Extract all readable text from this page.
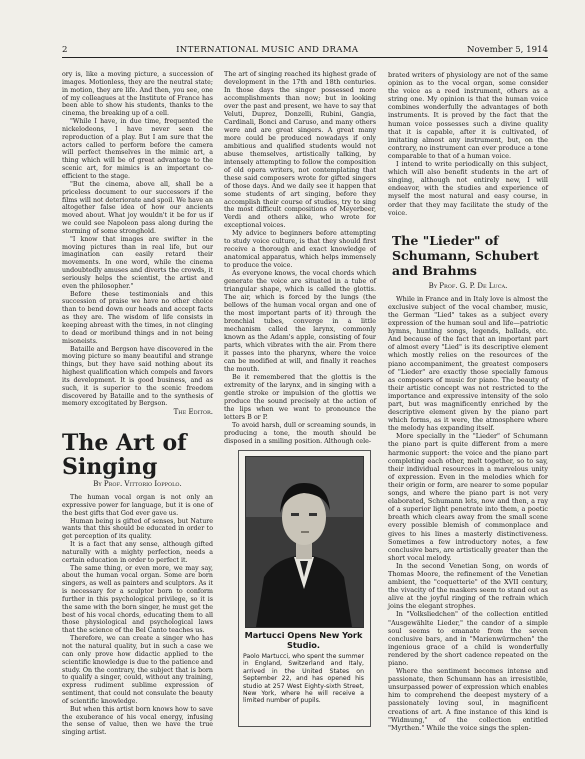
2	INTERNATIONAL MUSIC AND DRAMA	November 5, 1914

ory is, like a moving picture, a succession of images. Motionless, they are the neutral state; in motion, they are life. And then, you see, one of my colleagues at the Institute of France has been able to show his students, thanks to the cinema, the breaking up of a cell.

"While I have, in due time, frequented the nickelodeons, I have never seen the reproduction of a play. But I am sure that the actors called to perform before the camera will perfect themselves in the mimic art, a thing which will be of great advantage to the scenic art, for mimics is an important co-efficient to the stage.

"But the cinema, above all, shall be a priceless document to our successors if the films will not deteriorate and spoil. We have an altogether false idea of how our ancients moved about. What joy wouldn't it be for us if we could see Napoleon pass along during the storming of some stronghold.

"I know that images are swifter in the moving pictures than in real life, but our imagination can easily retard their movements. In one word, while the cinema undoubtedly amuses and diverts the crowds, it seriously helps the scientist, the artist and even the philosopher."

Before these testimonials and this succession of praise we have no other choice than to bend down our heads and accept facts as they are. The wisdom of life consists in keeping abreast with the times, in not clinging to dead or moribund things and in not being misoneists.

Bataille and Bergson have discovered in the moving picture so many beautiful and strange things, but they have said nothing about its highest qualification which compels and favors its development. It is good business, and as such, it is superior to the scenic freedom discovered by Bataille and to the synthesis of memory excogitated by Bergson.

The Editor.

The Art of Singing
By Prof. Vittorio Ioppolo.

The human vocal organ is not only an expressive power for language, but it is one of the best gifts that God ever gave us.

Human being is gifted of senses, but Nature wants that this should be educated in order to get perception of its quality.

It is a fact that any sense, although gifted naturally with a mighty perfection, needs a certain education in order to perfect it.

The same thing, or even more, we may say, about the human vocal organ. Some are born singers, as well as painters and sculptors. As it is necessary for a sculptor born to conform further in this psychological privilege, so it is the same with the born singer, he must get the best of his vocal chords, educating them to all those physiological and psychological laws that the science of the Bel Canto teaches us.

Therefore, we can create a singer who has not the natural quality, but in such a case we can only prove how didactic applied to the scientific knowledge is due to the patience and study. On the contrary, the subject that is born to qualify a singer, could, without any training, express rudiment sublime expression of sentiment, that could not consulate the beauty of scientific knowledge.

But when this artist born knows how to save the exuberance of his vocal energy, infusing the sense of value, then we have the true singing artist.

The art of singing reached its highest grade of development in the 17th and 18th centuries. In those days the singer possessed more accomplishments than now; but in looking over the past and present, we have to say that Veluti, Duprez, Donzelli, Rubini, Gangia, Cardinali, Bonci and Caruso, and many others were and are great singers. A great many more could be produced nowadays if only ambitious and qualified students would not abuse themselves, artistically talking, by intensely attempting to follow the composition of old opera writers, not contemplating that these said composers wrote for gifted singers of those days. And we daily see it happen that some students of art singing, before they accomplish their course of studies, try to sing the most difficult compositions of Meyerbeer, Verdi and others alike, who wrote for exceptional voices.

My advice to beginners before attempting to study voice culture, is that they should first receive a thorough and exact knowledge of anatomical apparatus, which helps immensely to produce the voice.

As everyone knows, the vocal chords which generate the voice are situated in a tube of triangular shape, which is called the glottis. The air, which is forced by the lungs (the bellows of the human vocal organ and one of the most important parts of it) through the bronchial tubes, converge in a little mechanism called the larynx, commonly known as the Adam's apple, consisting of four parts, which vibrates with the air. From there it passes into the pharynx, where the voice can be modified at will, and finally it reaches the mouth.

Be it remembered that the glottis is the extremity of the larynx, and in singing with a gentle stroke or impulsion of the glottis we produce the sound precisely at the action of the lips when we want to pronounce the letters B or P.

To avoid harsh, dull or screaming sounds, in producing a tone, the mouth should be disposed in a smiling position. Although cele-

Martucci Opens New York Studio.
Paolo Martucci, who spent the summer in England, Switzerland and Italy, arrived in the United States on September 22, and has opened his studio at 257 West Eighty-sixth Street, New York, where he will receive a limited number of pupils.

brated writers of physiology are not of the same opinion as to the vocal organ, some consider the voice as a reed instrument, others as a string one. My opinion is that the human voice combines wonderfully the advantages of both instruments. It is proved by the fact that the human voice possesses such a divine quality that it is capable, after it is cultivated, of imitating almost any instrument, but, on the contrary, no instrument can ever produce a tone comparable to that of a human voice.

I intend to write periodically on this subject, which will also benefit students in the art of singing, although not entirely new, I will endeavor, with the studies and experience of myself the most natural and easy course, in order that they may facilitate the study of the voice.

The "Lieder" of Schumann, Schubert and Brahms
By Prof. G. P. De Luca.

While in France and in Italy love is almost the exclusive subject of the vocal chamber, music, the German "Lied" takes as a subject every expression of the human soul and life—patriotic hymns, hunting songs, legends, ballads, etc. And because of the fact that an important part of almost every "Lied" is its descriptive element which mostly relies on the resources of the piano accompaniment, the greatest composers of "Lieder" are exactly those specially famous as composers of music for piano. The beauty of their artistic concept was not restricted to the importance and expressive intensity of the solo part, but was magnificently enriched by the descriptive element given by the piano part which forms, as it were, the atmosphere where the melody has expanding itself.

More specially in the "Lieder" of Schumann the piano part is quite different from a mere harmonic support: the voice and the piano part completing each other, melt together, so to say, their individual resources in a marvelous unity of expression. Even in the melodies which for their origin or form, are nearer to some popular songs, and where the piano part is not very elaborated, Schumann lets, now and then, a ray of a superior light penetrate into them, a poetic breath which clears away from the small scene every possible blemish of commonplace and gives to his lines a masterly distinctiveness. Sometimes a few introductory notes, a few conclusive bars, are artistically greater than the short vocal melody.

In the second Venetian Song, on words of Thomas Moore, the refinement of the Venetian ambient, the "coquetterie" of the XVII century, the vivacity of the maskers seem to stand out as alive at the joyful ringing of the refrain which joins the elegant strophes.

In "Volksliedchen" of the collection entitled "Ausgewählte Lieder," the candor of a simple soul seems to emanate from the seven conclusive bars, and in "Marienwürmchen" the ingenious grace of a child is wonderfully rendered by the short cadence repeated on the piano.

Where the sentiment becomes intense and passionate, then Schumann has an irresistible, unsurpassed power of expression which enables him to comprehend the deepest mystery of a passionately loving soul, in magnificent creations of art. A fine instance of this kind is "Widmung," of the collection entitled "Myrthen." While the voice sings the splen-
